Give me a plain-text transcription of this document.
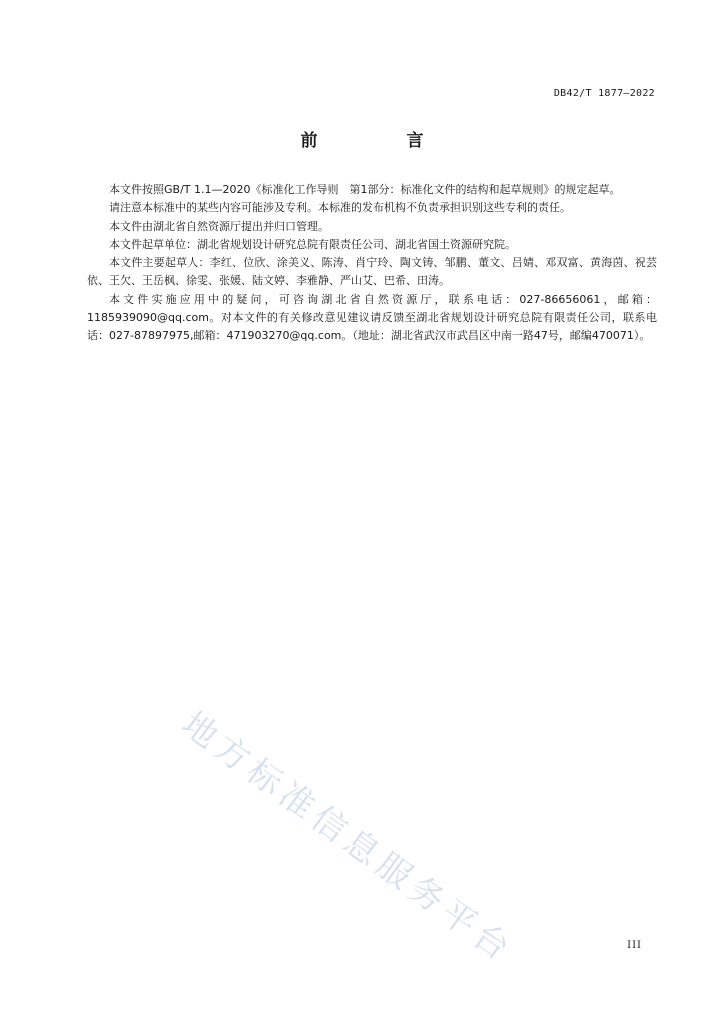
DB42/T 1877—2022
前　言

本文件按照GB/T 1.1—2020《标准化工作导则　第1部分：标准化文件的结构和起草规则》的规定起草。

请注意本标准中的某些内容可能涉及专利。本标准的发布机构不负责承担识别这些专利的责任。

本文件由湖北省自然资源厅提出并归口管理。

本文件起草单位：湖北省规划设计研究总院有限责任公司、湖北省国土资源研究院。

本文件主要起草人：李红、位欣、涂美义、陈涛、肖宁玲、陶文铸、邹鹏、董文、吕婧、邓双富、黄海茵、祝芸依、王欠、王岳枫、徐雯、张媛、陆文婷、李雅静、严山艾、巴希、田涛。

本文件实施应用中的疑问，可咨询湖北省自然资源厅，联系电话：027-86656061，邮箱：1185939090@qq.com。对本文件的有关修改意见建议请反馈至湖北省规划设计研究总院有限责任公司，联系电话：027-87897975,邮箱：471903270@qq.com。（地址：湖北省武汉市武昌区中南一路47号，邮编470071）。

地方标准信息服务平台	III
